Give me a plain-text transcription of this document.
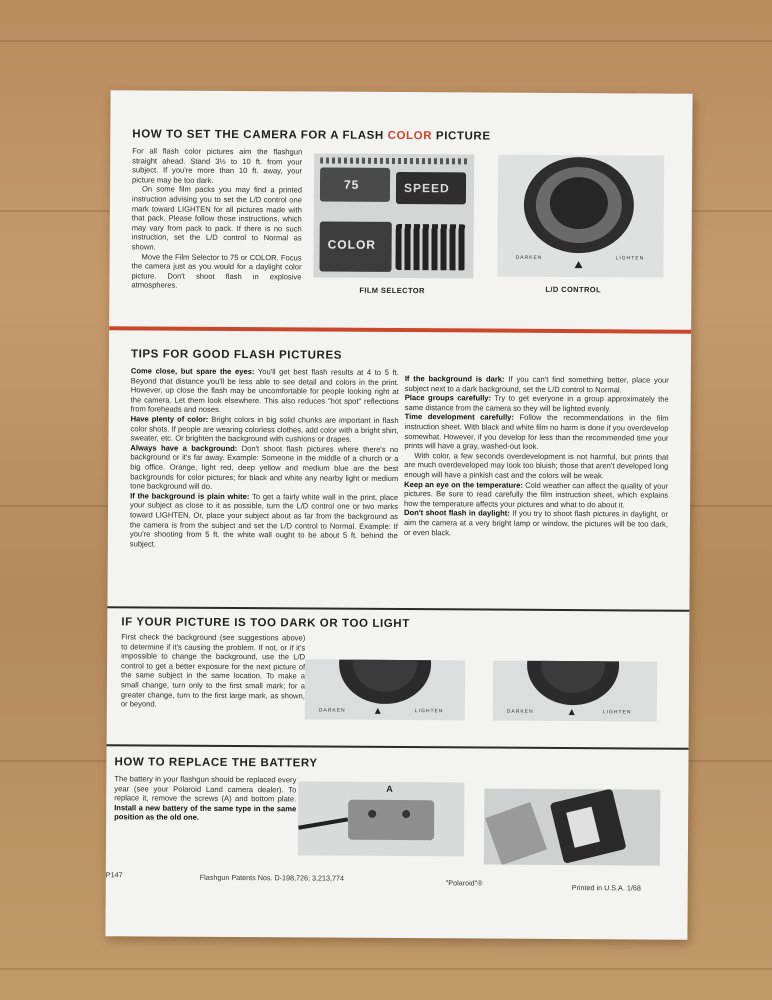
HOW TO SET THE CAMERA FOR A FLASH COLOR PICTURE

For all flash color pictures aim the flashgun straight ahead. Stand 3½ to 10 ft. from your subject. If you're more than 10 ft. away, your picture may be too dark.

On some film packs you may find a printed instruction advising you to set the L/D control one mark toward LIGHTEN for all pictures made with that pack. Please follow those instructions, which may vary from pack to pack. If there is no such instruction, set the L/D control to Normal as shown.

Move the Film Selector to 75 or COLOR. Focus the camera just as you would for a daylight color picture. Don't shoot flash in explosive atmospheres.

75	SPEED
COLOR
FILM SELECTOR
DARKEN	LIGHTEN
L/D CONTROL
TIPS FOR GOOD FLASH PICTURES

Come close, but spare the eyes: You'll get best flash results at 4 to 5 ft. Beyond that distance you'll be less able to see detail and colors in the print. However, up close the flash may be uncomfortable for people looking right at the camera. Let them look elsewhere. This also reduces "hot spot" reflections from foreheads and noses.

Have plenty of color: Bright colors in big solid chunks are important in flash color shots. If people are wearing colorless clothes, add color with a bright shirt, sweater, etc. Or brighten the background with cushions or drapes.

Always have a background: Don't shoot flash pictures where there's no background or it's far away. Example: Someone in the middle of a church or a big office. Orange, light red, deep yellow and medium blue are the best backgrounds for color pictures; for black and white any nearby light or medium tone background will do.

If the background is plain white: To get a fairly white wall in the print, place your subject as close to it as possible, turn the L/D control one or two marks toward LIGHTEN. Or, place your subject about as far from the background as the camera is from the subject and set the L/D control to Normal. Example: If you're shooting from 5 ft. the white wall ought to be about 5 ft. behind the subject.

If the background is dark: If you can't find something better, place your subject next to a dark background, set the L/D control to Normal.

Place groups carefully: Try to get everyone in a group approximately the same distance from the camera so they will be lighted evenly.

Time development carefully: Follow the recommendations in the film instruction sheet. With black and white film no harm is done if you overdevelop somewhat. However, if you develop for less than the recommended time your prints will have a gray, washed-out look.

With color, a few seconds overdevelopment is not harmful, but prints that are much overdeveloped may look too bluish; those that aren't developed long enough will have a pinkish cast and the colors will be weak.

Keep an eye on the temperature: Cold weather can affect the quality of your pictures. Be sure to read carefully the film instruction sheet, which explains how the temperature affects your pictures and what to do about it.

Don't shoot flash in daylight: If you try to shoot flash pictures in daylight, or aim the camera at a very bright lamp or window, the pictures will be too dark, or even black.

IF YOUR PICTURE IS TOO DARK OR TOO LIGHT
First check the background (see suggestions above) to determine if it's causing the problem. If not, or if it's impossible to change the background, use the L/D control to get a better exposure for the next picture of the same subject in the same location. To make a small change, turn only to the first small mark; for a greater change, turn to the first large mark, as shown, or beyond.
DARKEN	LIGHTEN	DARKEN	LIGHTEN
HOW TO REPLACE THE BATTERY
The battery in your flashgun should be replaced every year (see your Polaroid Land camera dealer). To replace it, remove the screws (A) and bottom plate. Install a new battery of the same type in the same position as the old one.
A
P147	Flashgun Patents Nos. D-198,726; 3,213,774
"Polaroid"®
Printed in U.S.A. 1/68
